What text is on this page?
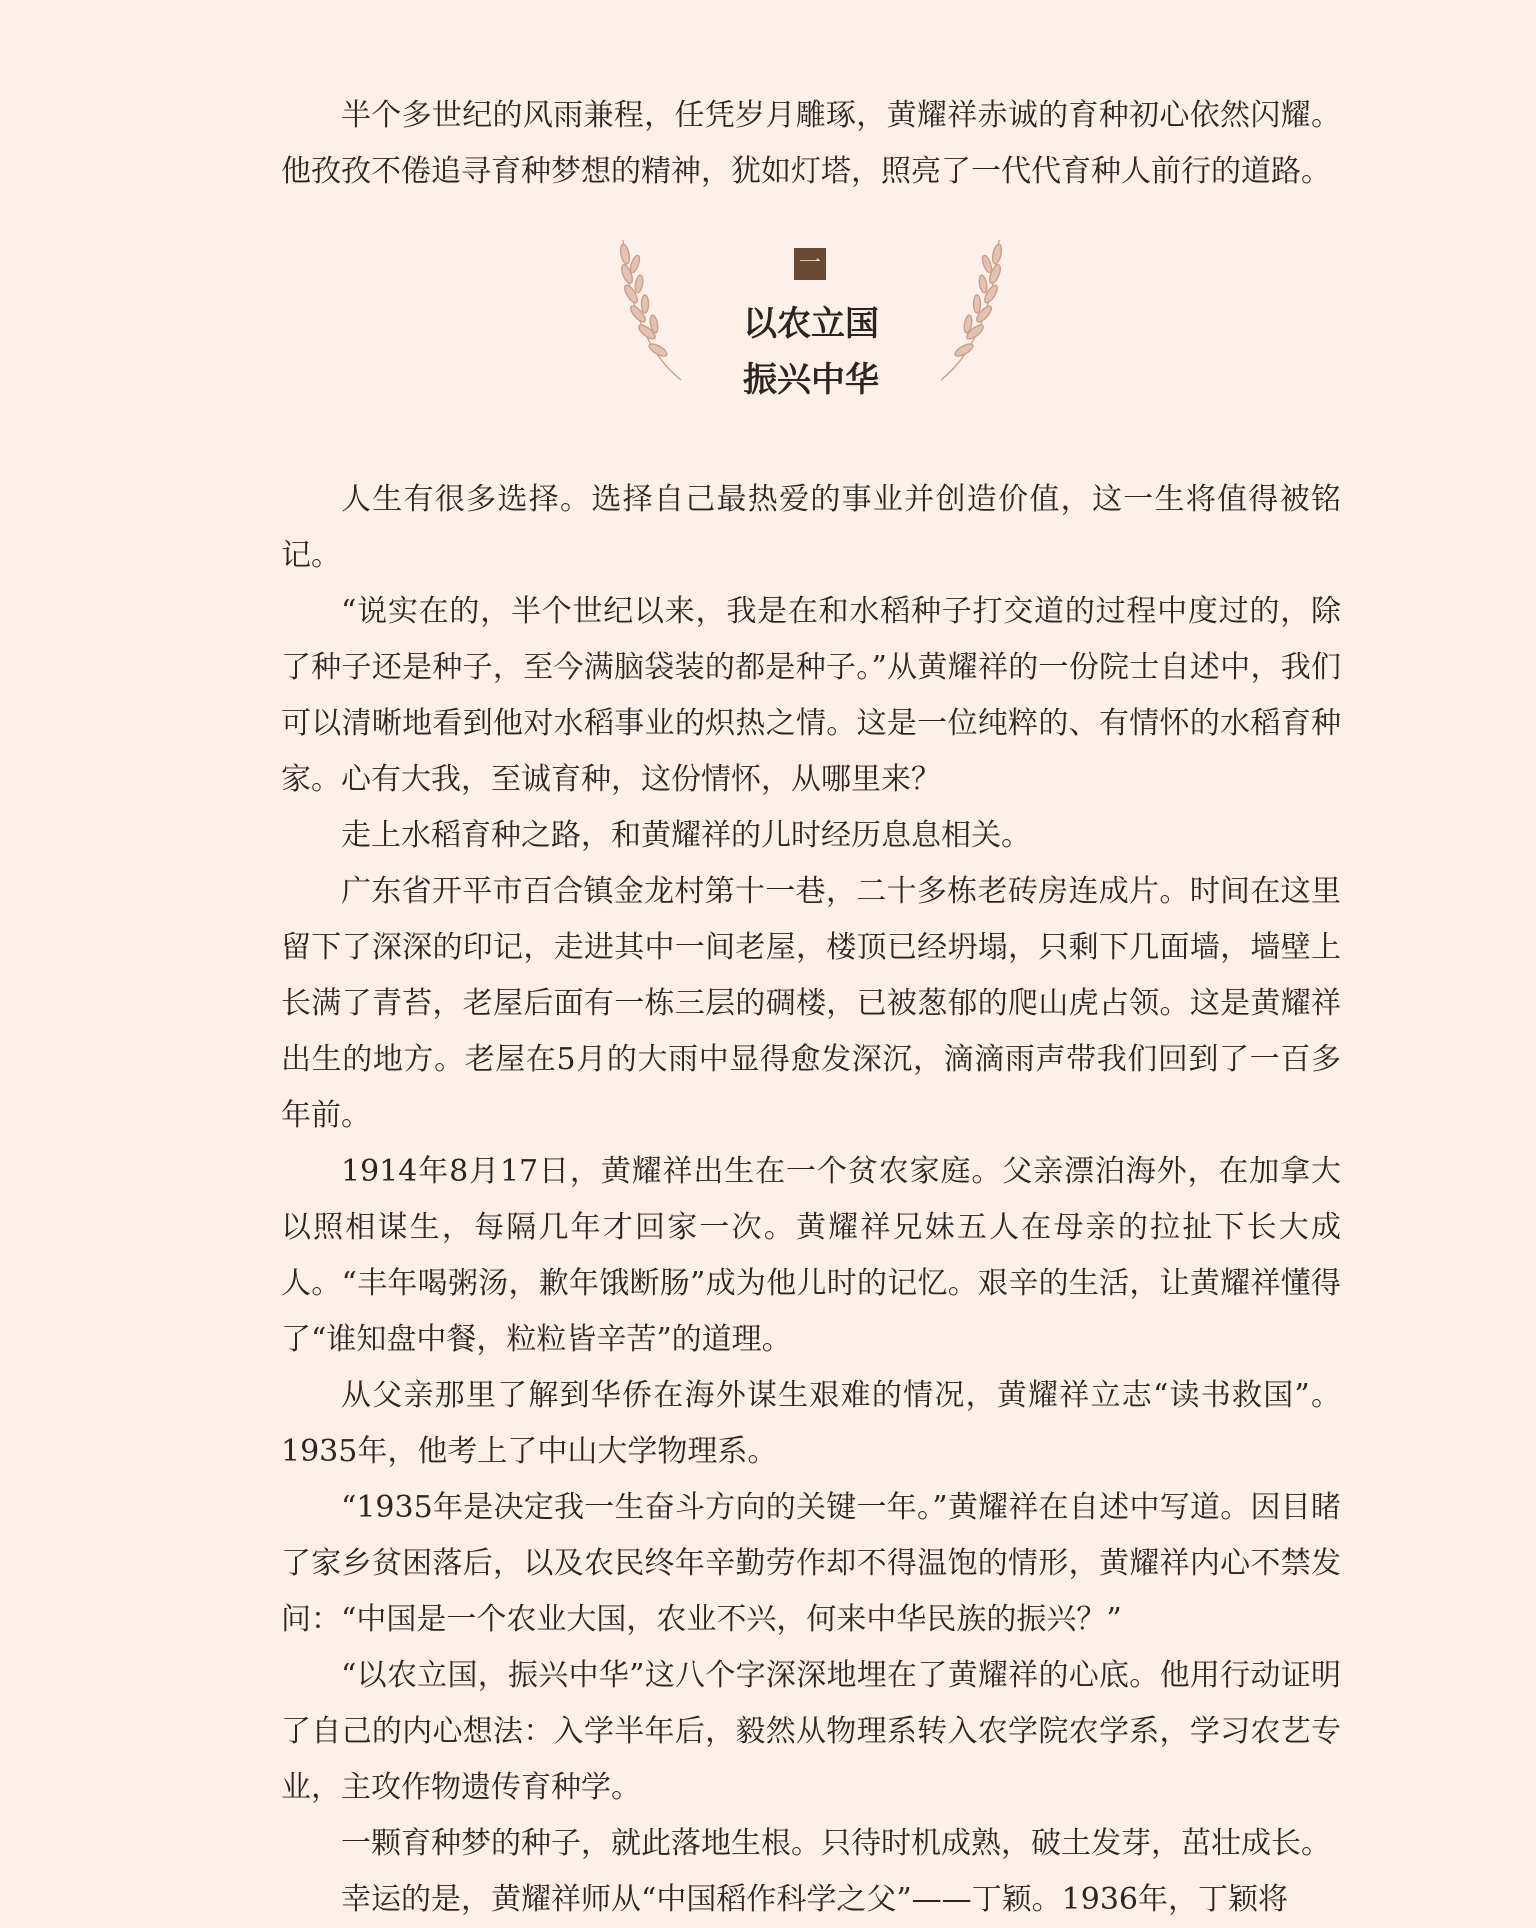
半个多世纪的风雨兼程，任凭岁月雕琢，黄耀祥赤诚的育种初心依然闪耀。他孜孜不倦追寻育种梦想的精神，犹如灯塔，照亮了一代代育种人前行的道路。

一
以农立国
振兴中华

人生有很多选择。选择自己最热爱的事业并创造价值，这一生将值得被铭记。

“说实在的，半个世纪以来，我是在和水稻种子打交道的过程中度过的，除了种子还是种子，至今满脑袋装的都是种子。”从黄耀祥的一份院士自述中，我们可以清晰地看到他对水稻事业的炽热之情。这是一位纯粹的、有情怀的水稻育种家。心有大我，至诚育种，这份情怀，从哪里来？

走上水稻育种之路，和黄耀祥的儿时经历息息相关。

广东省开平市百合镇金龙村第十一巷，二十多栋老砖房连成片。时间在这里留下了深深的印记，走进其中一间老屋，楼顶已经坍塌，只剩下几面墙，墙壁上长满了青苔，老屋后面有一栋三层的碉楼，已被葱郁的爬山虎占领。这是黄耀祥出生的地方。老屋在5月的大雨中显得愈发深沉，滴滴雨声带我们回到了一百多年前。

1914年8月17日，黄耀祥出生在一个贫农家庭。父亲漂泊海外，在加拿大以照相谋生，每隔几年才回家一次。黄耀祥兄妹五人在母亲的拉扯下长大成人。“丰年喝粥汤，歉年饿断肠”成为他儿时的记忆。艰辛的生活，让黄耀祥懂得了“谁知盘中餐，粒粒皆辛苦”的道理。

从父亲那里了解到华侨在海外谋生艰难的情况，黄耀祥立志“读书救国”。1935年，他考上了中山大学物理系。

“1935年是决定我一生奋斗方向的关键一年。”黄耀祥在自述中写道。因目睹了家乡贫困落后，以及农民终年辛勤劳作却不得温饱的情形，黄耀祥内心不禁发问：“中国是一个农业大国，农业不兴，何来中华民族的振兴？”

“以农立国，振兴中华”这八个字深深地埋在了黄耀祥的心底。他用行动证明了自己的内心想法：入学半年后，毅然从物理系转入农学院农学系，学习农艺专业，主攻作物遗传育种学。

一颗育种梦的种子，就此落地生根。只待时机成熟，破土发芽，茁壮成长。

幸运的是，黄耀祥师从“中国稻作科学之父”——丁颖。1936年，丁颖将
